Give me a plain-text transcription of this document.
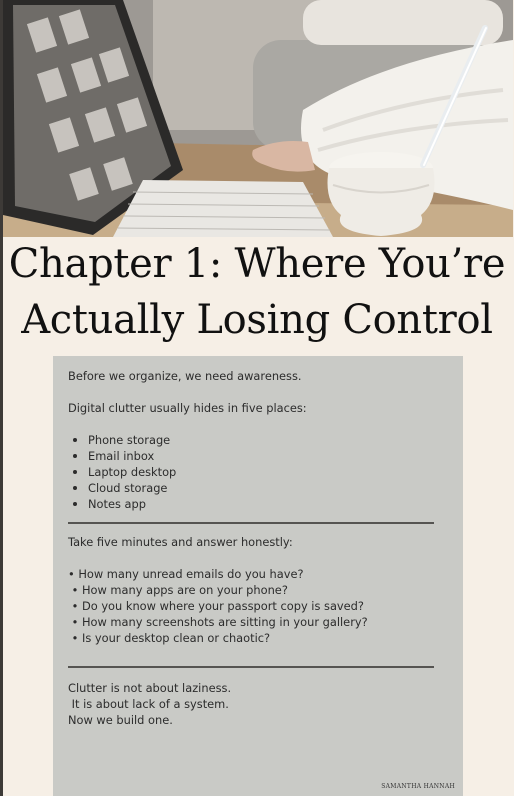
Chapter 1: Where You’re
Actually Losing Control
Before we organize, we need awareness.
Digital clutter usually hides in five places:
Phone storage
Email inbox
Laptop desktop
Cloud storage
Notes app
Take five minutes and answer honestly:
• How many unread emails do you have?
• How many apps are on your phone?
• Do you know where your passport copy is saved?
• How many screenshots are sitting in your gallery?
• Is your desktop clean or chaotic?
Clutter is not about laziness.
It is about lack of a system.
Now we build one.
SAMANTHA HANNAH
